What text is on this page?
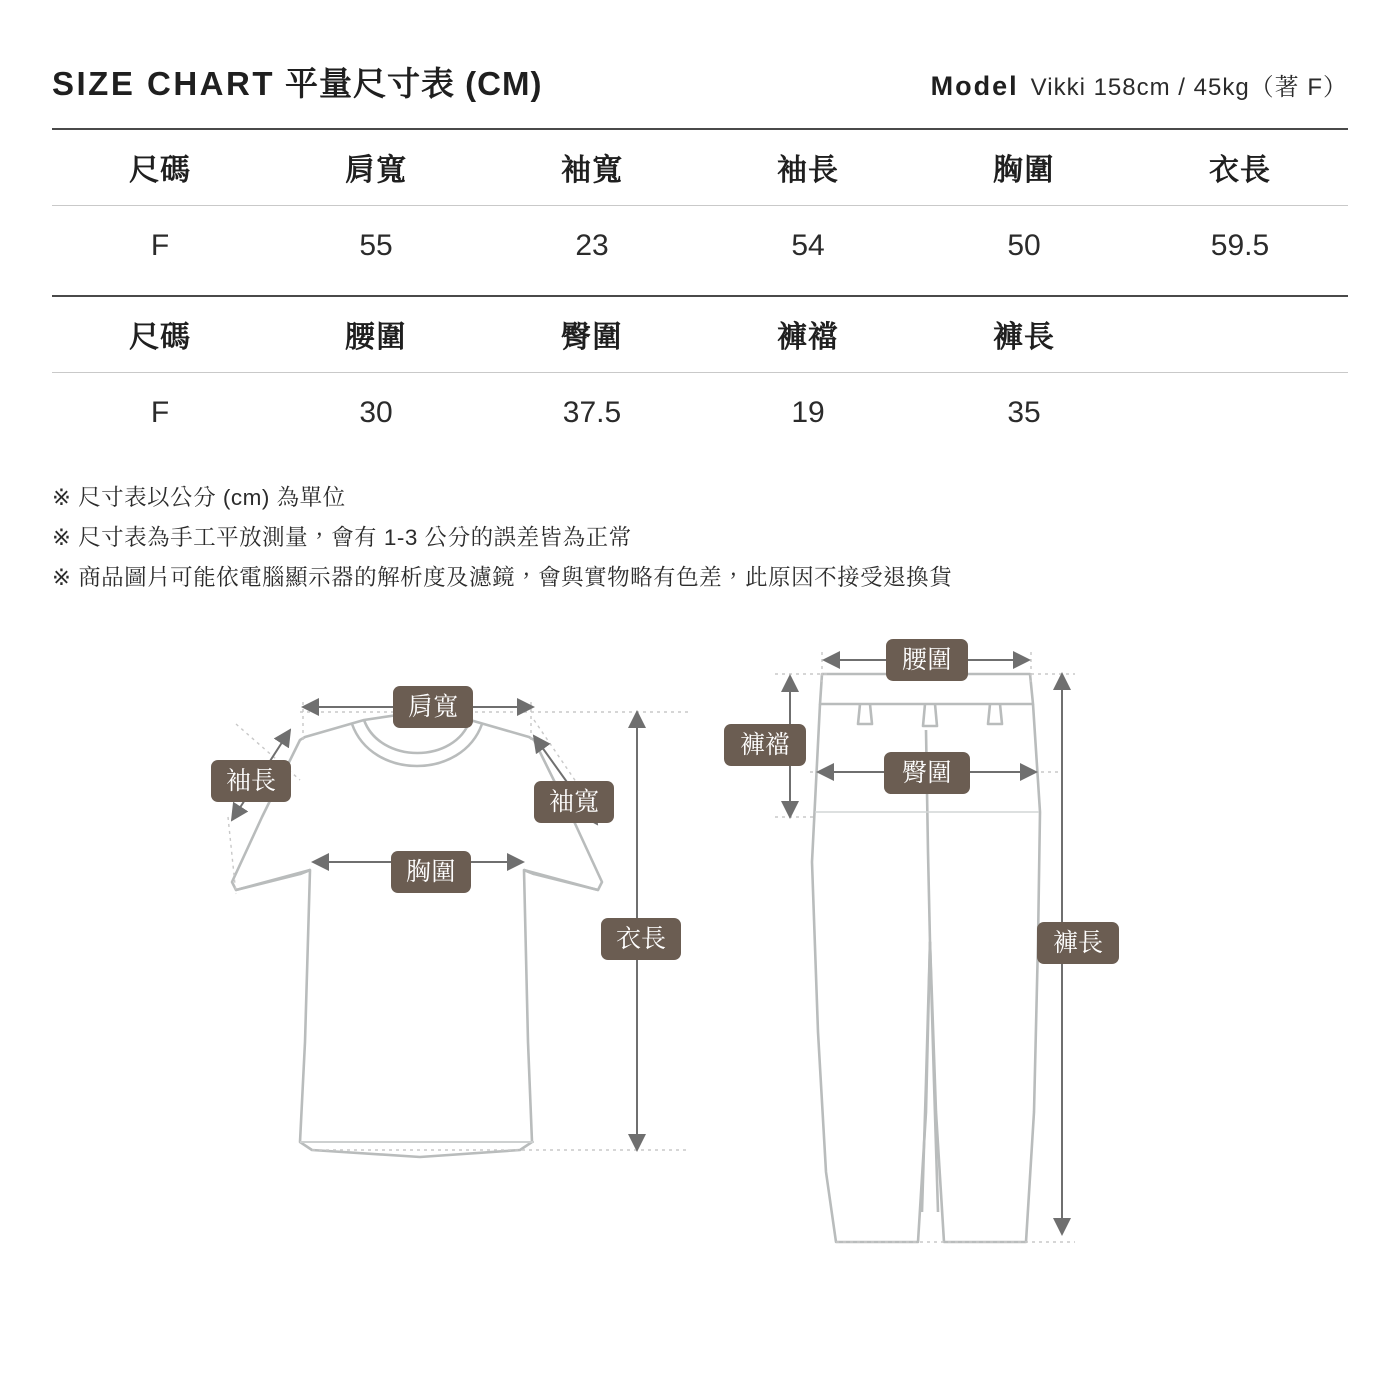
SIZE CHART 平量尺寸表 (CM)	Model Vikki 158cm / 45kg（著 F）
尺碼	肩寬	袖寬	袖長	胸圍	衣長
F	55	23	54	50	59.5
尺碼	腰圍	臀圍	褲襠	褲長	
F	30	37.5	19	35	
※ 尺寸表以公分 (cm) 為單位
※ 尺寸表為手工平放測量，會有 1-3 公分的誤差皆為正常
※ 商品圖片可能依電腦顯示器的解析度及濾鏡，會與實物略有色差，此原因不接受退換貨
肩寬
袖長
袖寬
胸圍
衣長
腰圍
褲襠
臀圍
褲長
